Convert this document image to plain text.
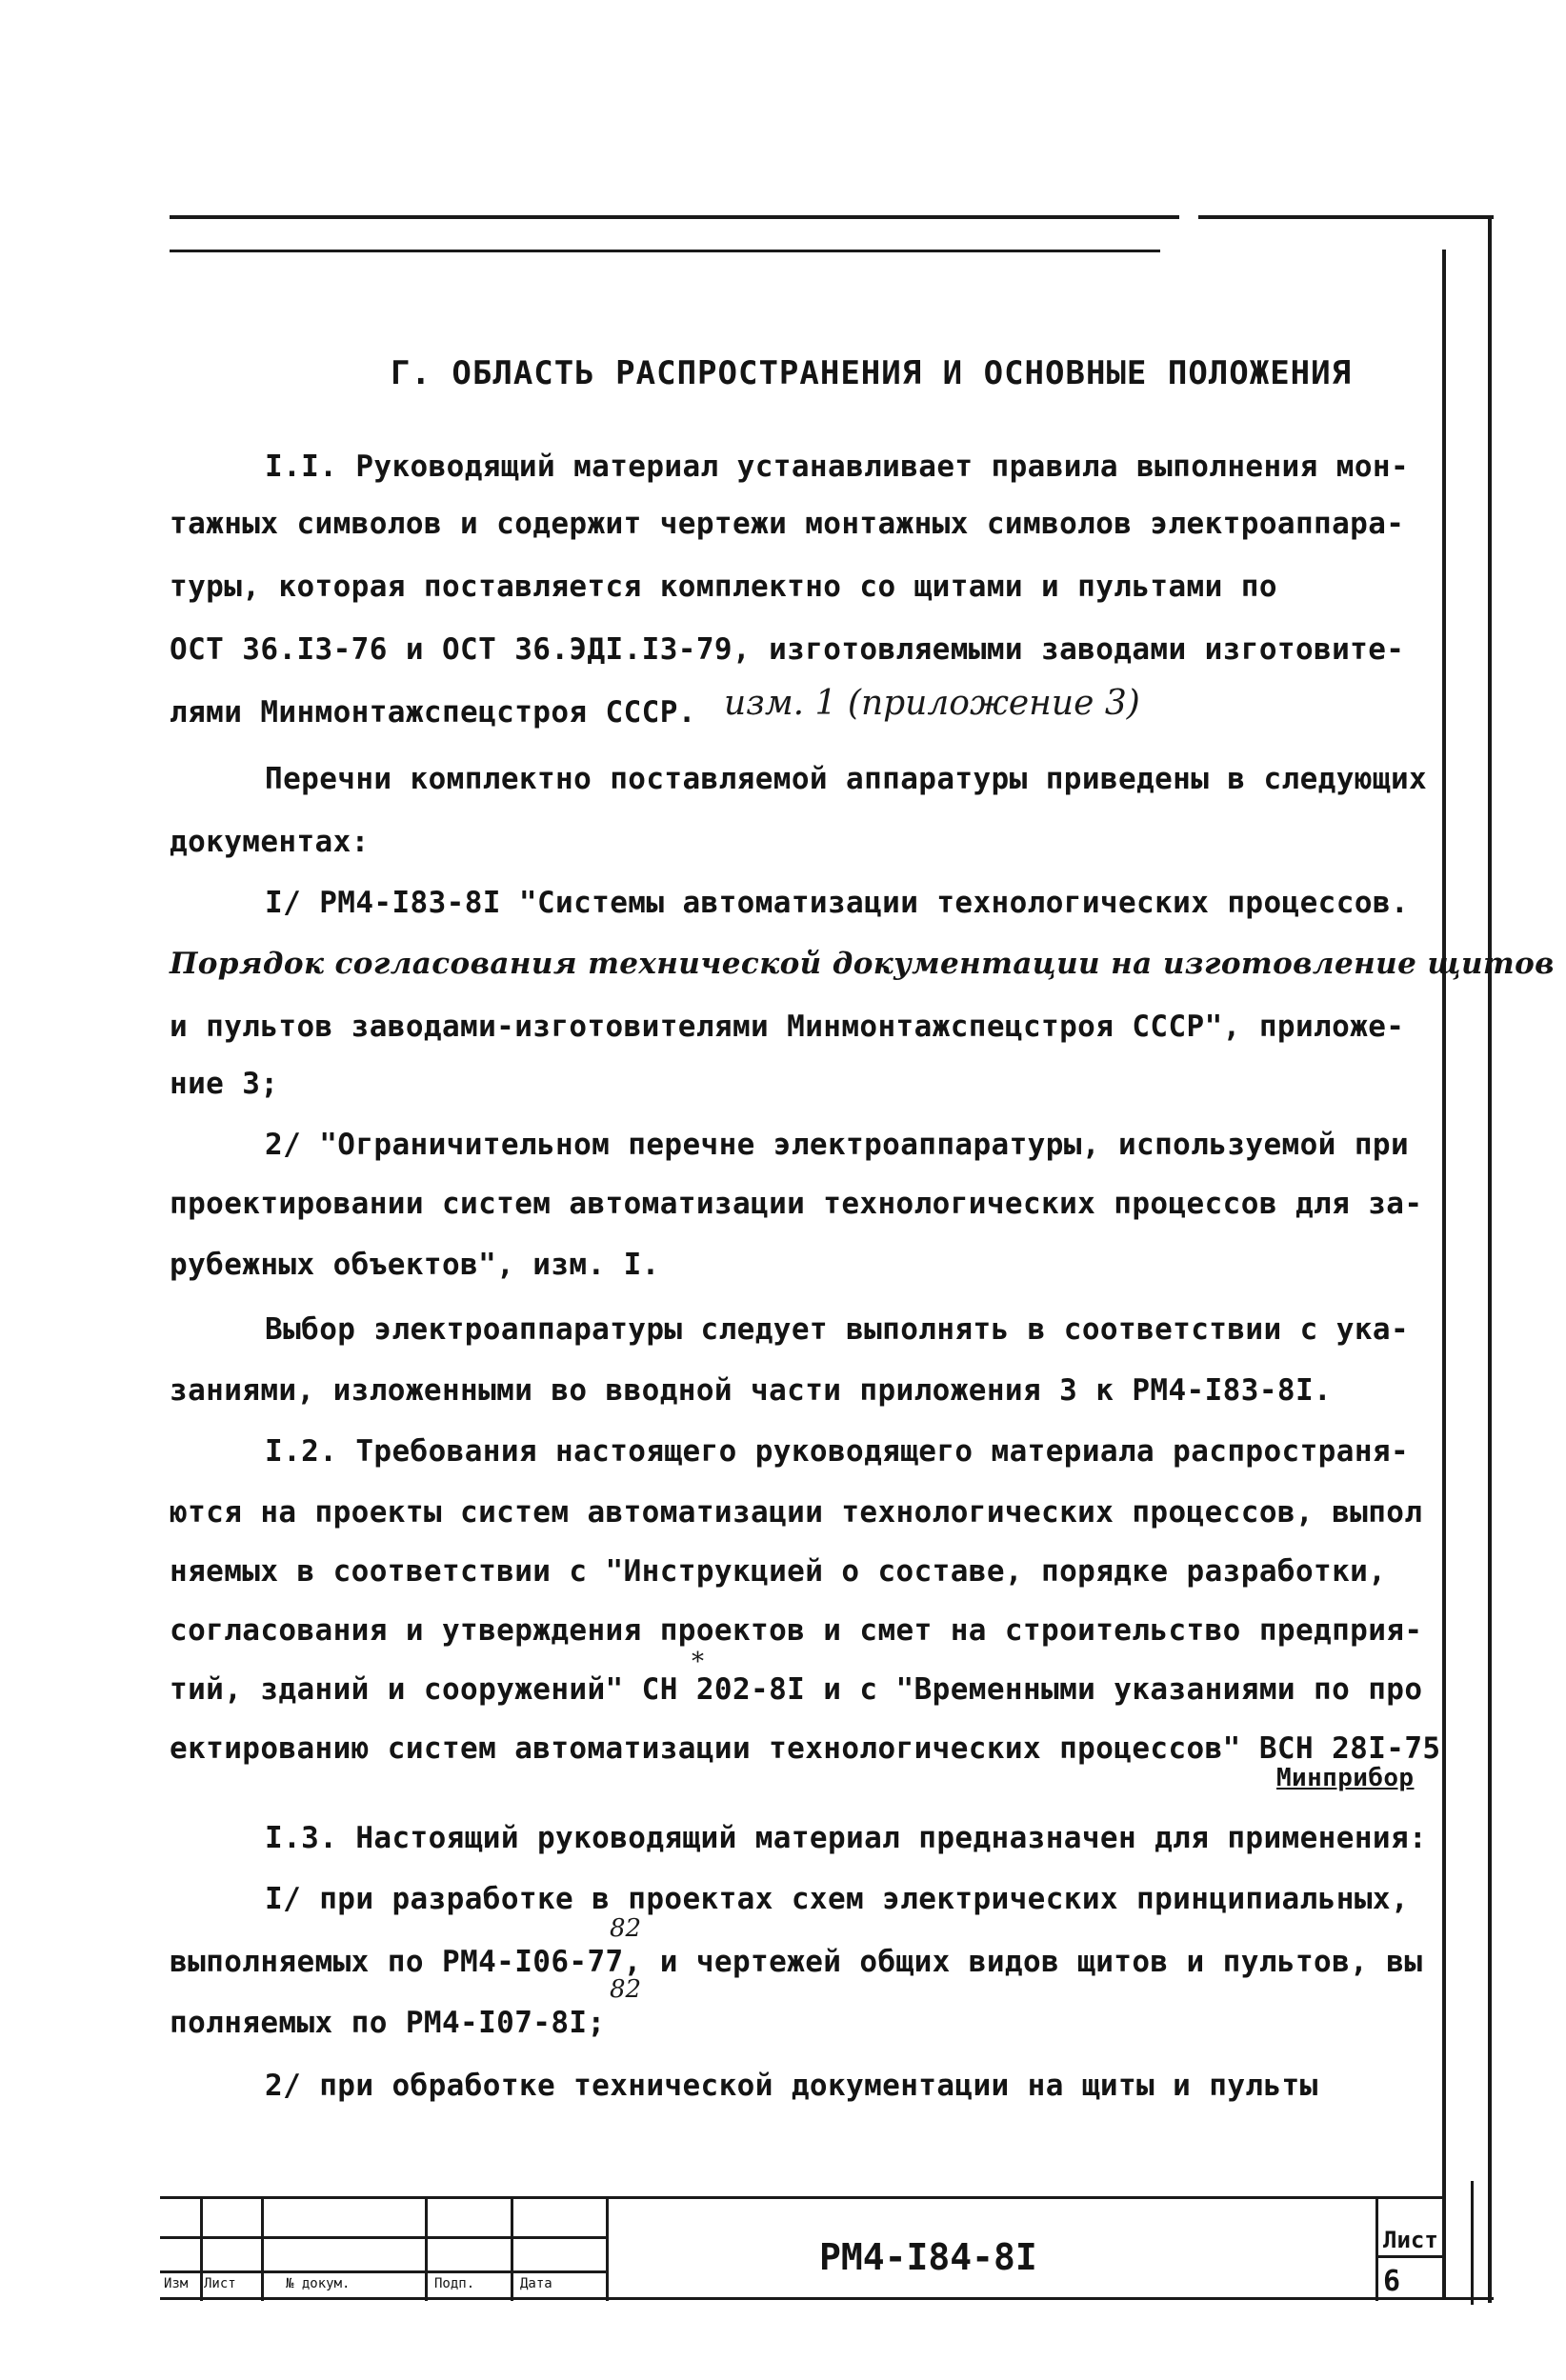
Г. ОБЛАСТЬ РАСПРОСТРАНЕНИЯ И ОСНОВНЫЕ ПОЛОЖЕНИЯ
I.I. Руководящий материал устанавливает правила выполнения мон-
тажных символов и содержит чертежи монтажных символов электроаппара-
туры, которая поставляется комплектно со щитами и пультами по
ОСТ 36.I3-76 и ОСТ 36.ЭДI.I3-79, изготовляемыми заводами изготовите-
лями Минмонтажспецстроя СССР. изм. 1 (приложение 3)
Перечни комплектно поставляемой аппаратуры приведены в следующих
документах:
I/ РМ4-I83-8I "Системы автоматизации технологических процессов.
Порядок согласования технической документации на изготовление щитов
и пультов заводами-изготовителями Минмонтажспецстроя СССР", приложе-
ние 3;
2/ "Ограничительном перечне электроаппаратуры, используемой при
проектировании систем автоматизации технологических процессов для за-
рубежных объектов", изм. I.
Выбор электроаппаратуры следует выполнять в соответствии с ука-
заниями, изложенными во вводной части приложения 3 к РМ4-I83-8I.
I.2. Требования настоящего руководящего материала распространя-
ются на проекты систем автоматизации технологических процессов, выпол
няемых в соответствии с "Инструкцией о составе, порядке разработки,
согласования и утверждения проектов и смет на строительство предприя-
*
тий, зданий и сооружений" СН 202-8I и с "Временными указаниями по про
ектированию систем автоматизации технологических процессов" ВСН 28I-75
Минприбор
I.3. Настоящий руководящий материал предназначен для применения:
I/ при разработке в проектах схем электрических принципиальных,
82
выполняемых по РМ4-I06-77, и чертежей общих видов щитов и пультов, вы
82
полняемых по РМ4-I07-8I;
2/ при обработке технической документации на щиты и пульты
Изм Лист	№ докум.	Подп.	Дата
РМ4-I84-8I	Лист
6
